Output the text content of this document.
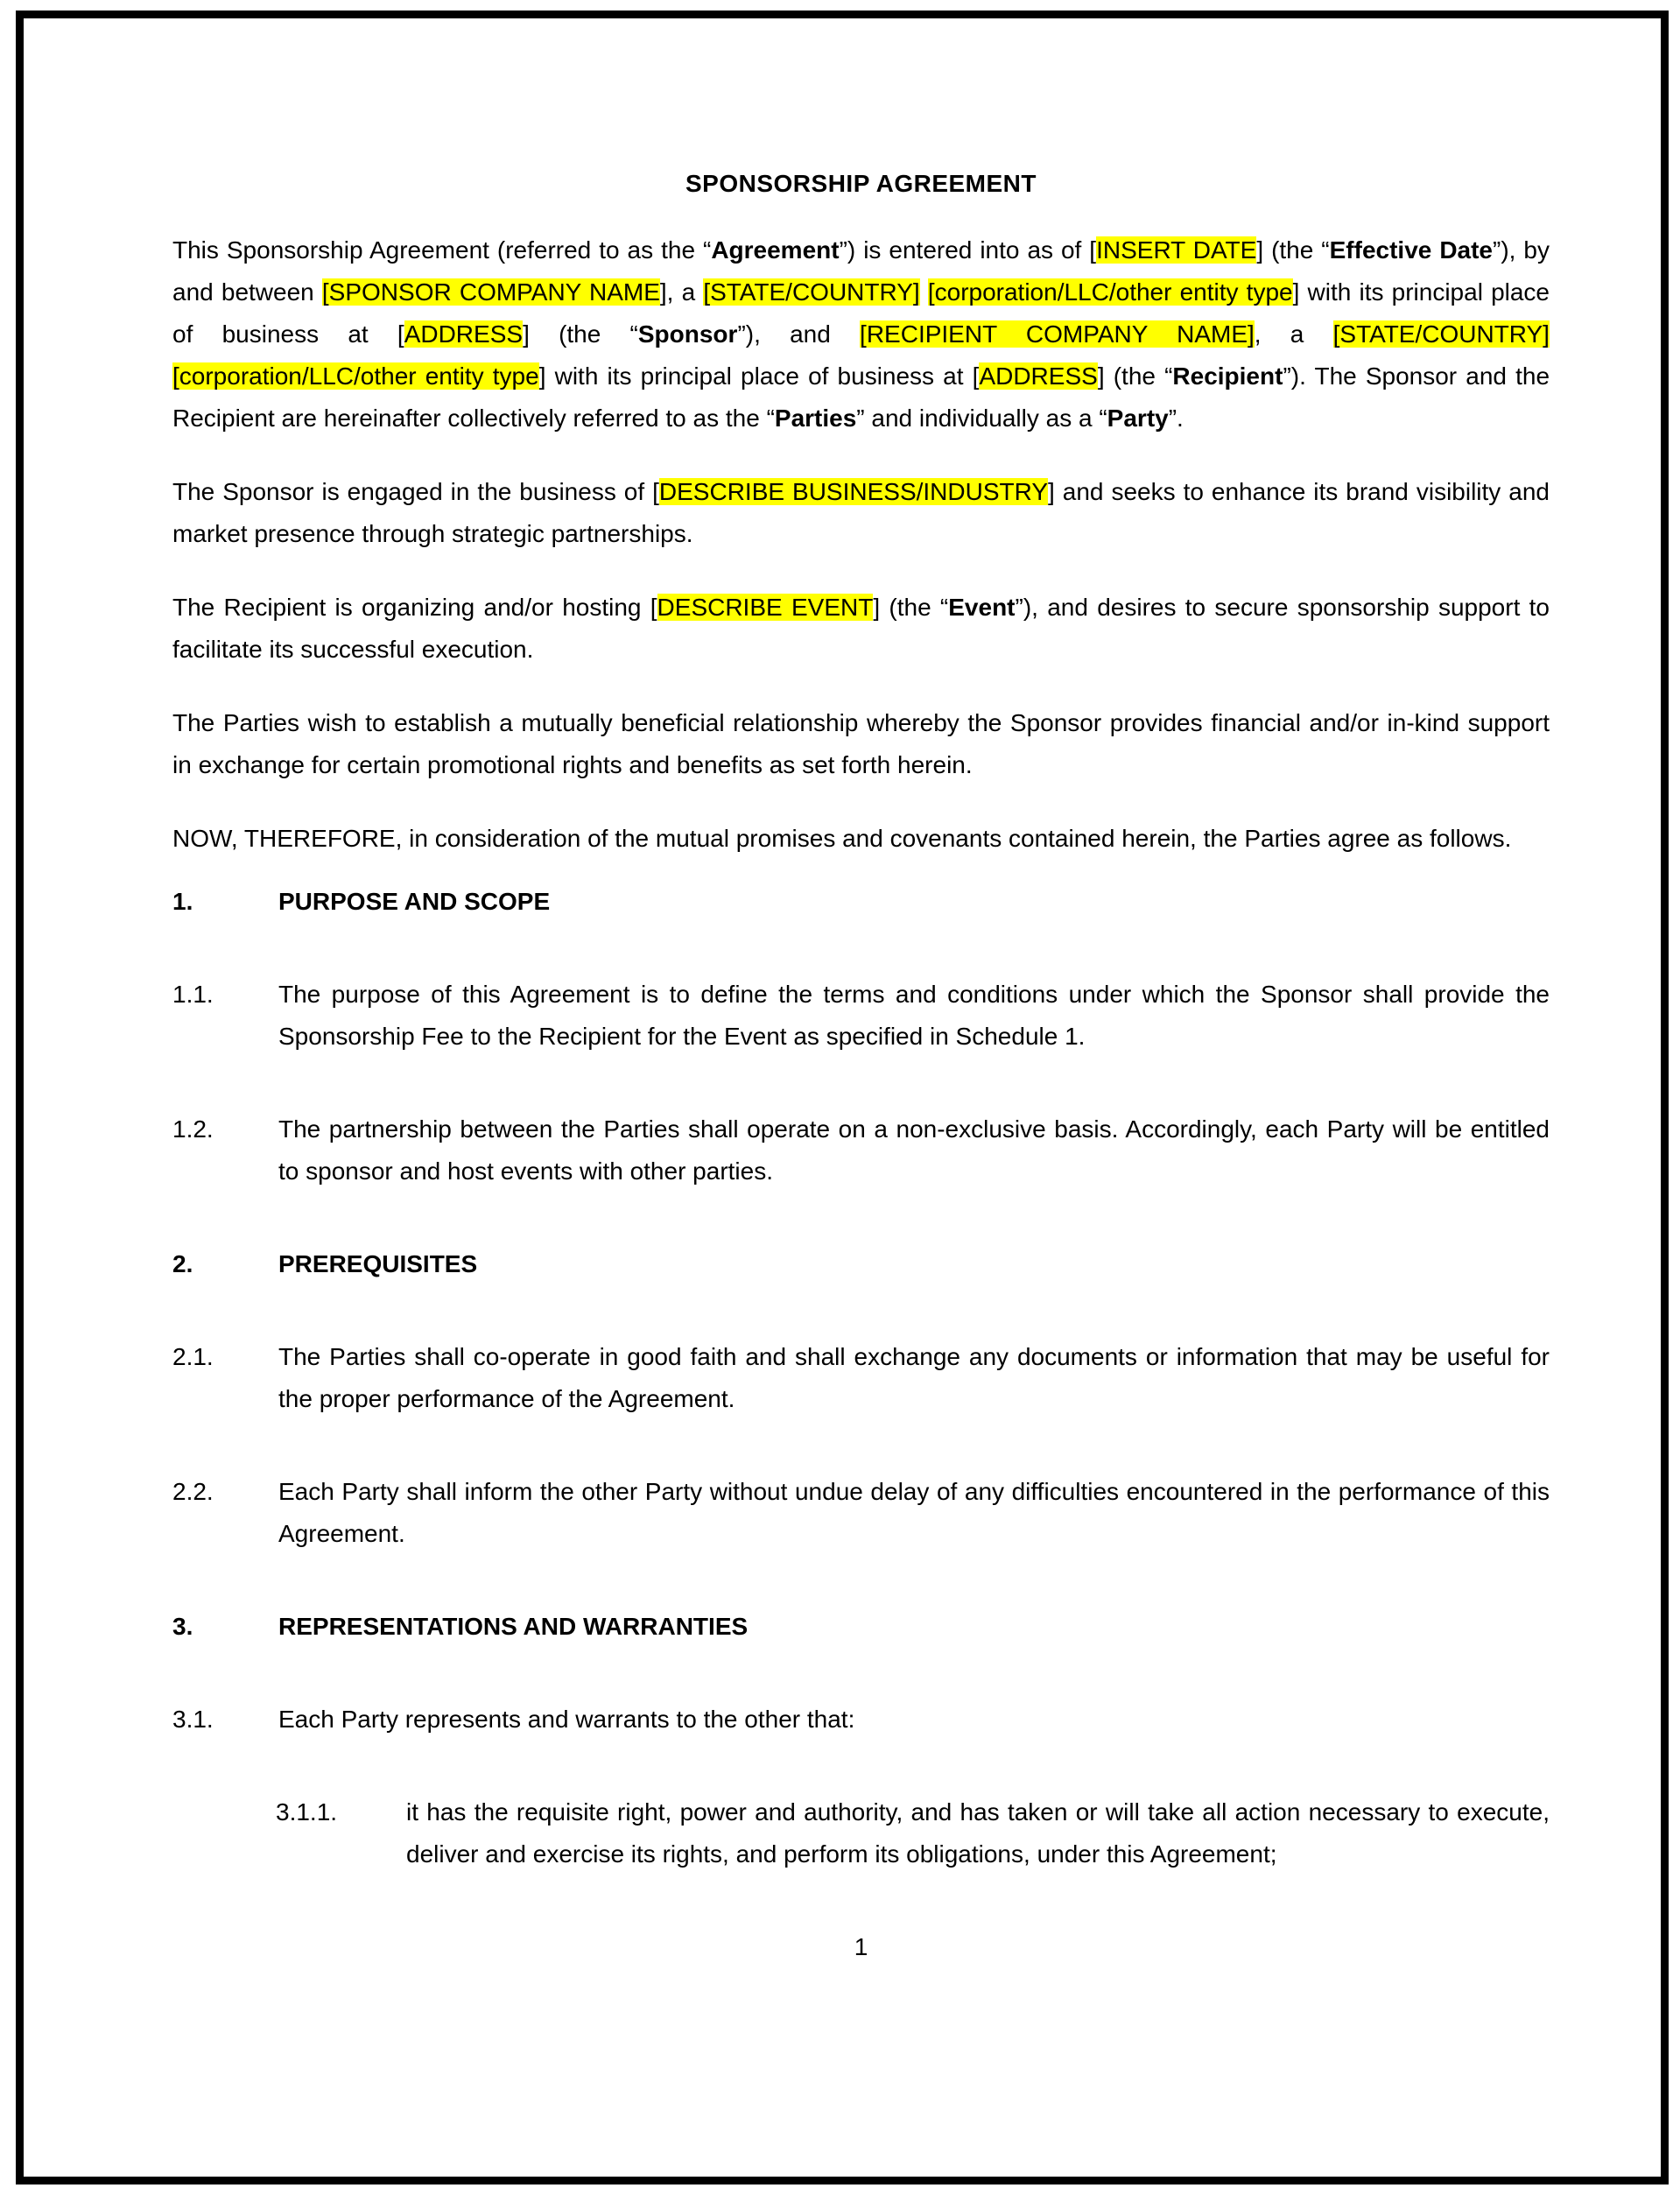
SPONSORSHIP AGREEMENT

This Sponsorship Agreement (referred to as the “Agreement”) is entered into as of [INSERT DATE] (the “Effective Date”), by and between [SPONSOR COMPANY NAME], a [STATE/COUNTRY] [corporation/LLC/other entity type] with its principal place of business at [ADDRESS] (the “Sponsor”), and [RECIPIENT COMPANY NAME], a [STATE/COUNTRY] [corporation/LLC/other entity type] with its principal place of business at [ADDRESS] (the “Recipient”). The Sponsor and the Recipient are hereinafter collectively referred to as the “Parties” and individually as a “Party”.

The Sponsor is engaged in the business of [DESCRIBE BUSINESS/INDUSTRY] and seeks to enhance its brand visibility and market presence through strategic partnerships.

The Recipient is organizing and/or hosting [DESCRIBE EVENT] (the “Event”), and desires to secure sponsorship support to facilitate its successful execution.

The Parties wish to establish a mutually beneficial relationship whereby the Sponsor provides financial and/or in-kind support in exchange for certain promotional rights and benefits as set forth herein.

NOW, THEREFORE, in consideration of the mutual promises and covenants contained herein, the Parties agree as follows.

1.	PURPOSE AND SCOPE
1.1.	The purpose of this Agreement is to define the terms and conditions under which the Sponsor shall provide the Sponsorship Fee to the Recipient for the Event as specified in Schedule 1.
1.2.	The partnership between the Parties shall operate on a non-exclusive basis. Accordingly, each Party will be entitled to sponsor and host events with other parties.
2.	PREREQUISITES
2.1.	The Parties shall co-operate in good faith and shall exchange any documents or information that may be useful for the proper performance of the Agreement.
2.2.	Each Party shall inform the other Party without undue delay of any difficulties encountered in the performance of this Agreement.
3.	REPRESENTATIONS AND WARRANTIES
3.1.	Each Party represents and warrants to the other that:
3.1.1.	it has the requisite right, power and authority, and has taken or will take all action necessary to execute, deliver and exercise its rights, and perform its obligations, under this Agreement;
1
